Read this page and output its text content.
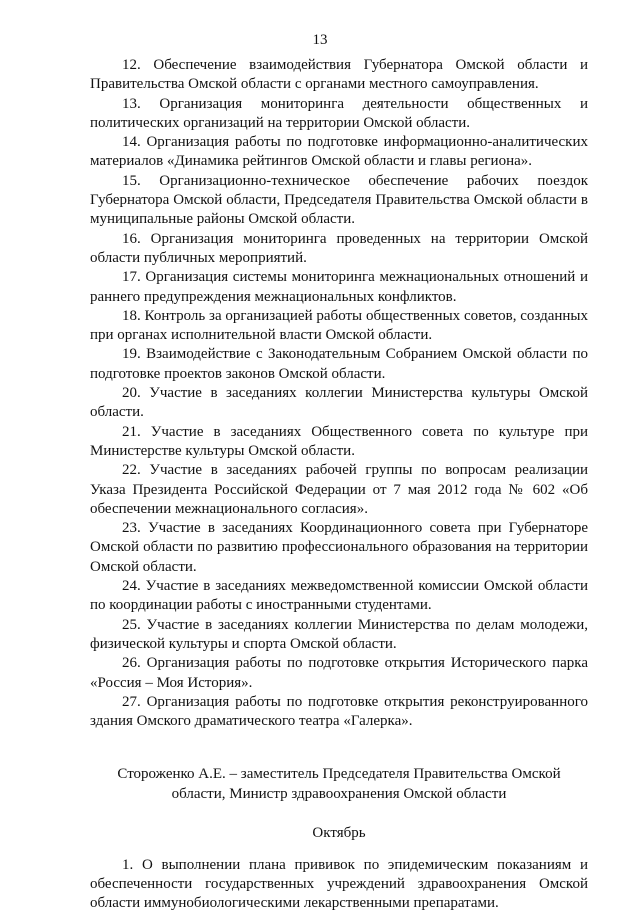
13

12. Обеспечение взаимодействия Губернатора Омской области и Правительства Омской области с органами местного самоуправления.

13. Организация мониторинга деятельности общественных и политических организаций на территории Омской области.

14. Организация работы по подготовке информационно-аналитических материалов «Динамика рейтингов Омской области и главы региона».

15. Организационно-техническое обеспечение рабочих поездок Губернатора Омской области, Председателя Правительства Омской области в муниципальные районы Омской области.

16. Организация мониторинга проведенных на территории Омской области публичных мероприятий.

17. Организация системы мониторинга межнациональных отношений и раннего предупреждения межнациональных конфликтов.

18. Контроль за организацией работы общественных советов, созданных при органах исполнительной власти Омской области.

19. Взаимодействие с Законодательным Собранием Омской области по подготовке проектов законов Омской области.

20. Участие в заседаниях коллегии Министерства культуры Омской области.

21. Участие в заседаниях Общественного совета по культуре при Министерстве культуры Омской области.

22. Участие в заседаниях рабочей группы по вопросам реализации Указа Президента Российской Федерации от 7 мая 2012 года № 602 «Об обеспечении межнационального согласия».

23. Участие в заседаниях Координационного совета при Губернаторе Омской области по развитию профессионального образования на территории Омской области.

24. Участие в заседаниях межведомственной комиссии Омской области по координации работы с иностранными студентами.

25. Участие в заседаниях коллегии Министерства по делам молодежи, физической культуры и спорта Омской области.

26. Организация работы по подготовке открытия Исторического парка «Россия – Моя История».

27. Организация работы по подготовке открытия реконструированного здания Омского драматического театра «Галерка».

Стороженко А.Е. – заместитель Председателя Правительства Омской
области, Министр здравоохранения Омской области
Октябрь

1. О выполнении плана прививок по эпидемическим показаниям и обеспеченности государственных учреждений здравоохранения Омской области иммунобиологическими лекарственными препаратами.
